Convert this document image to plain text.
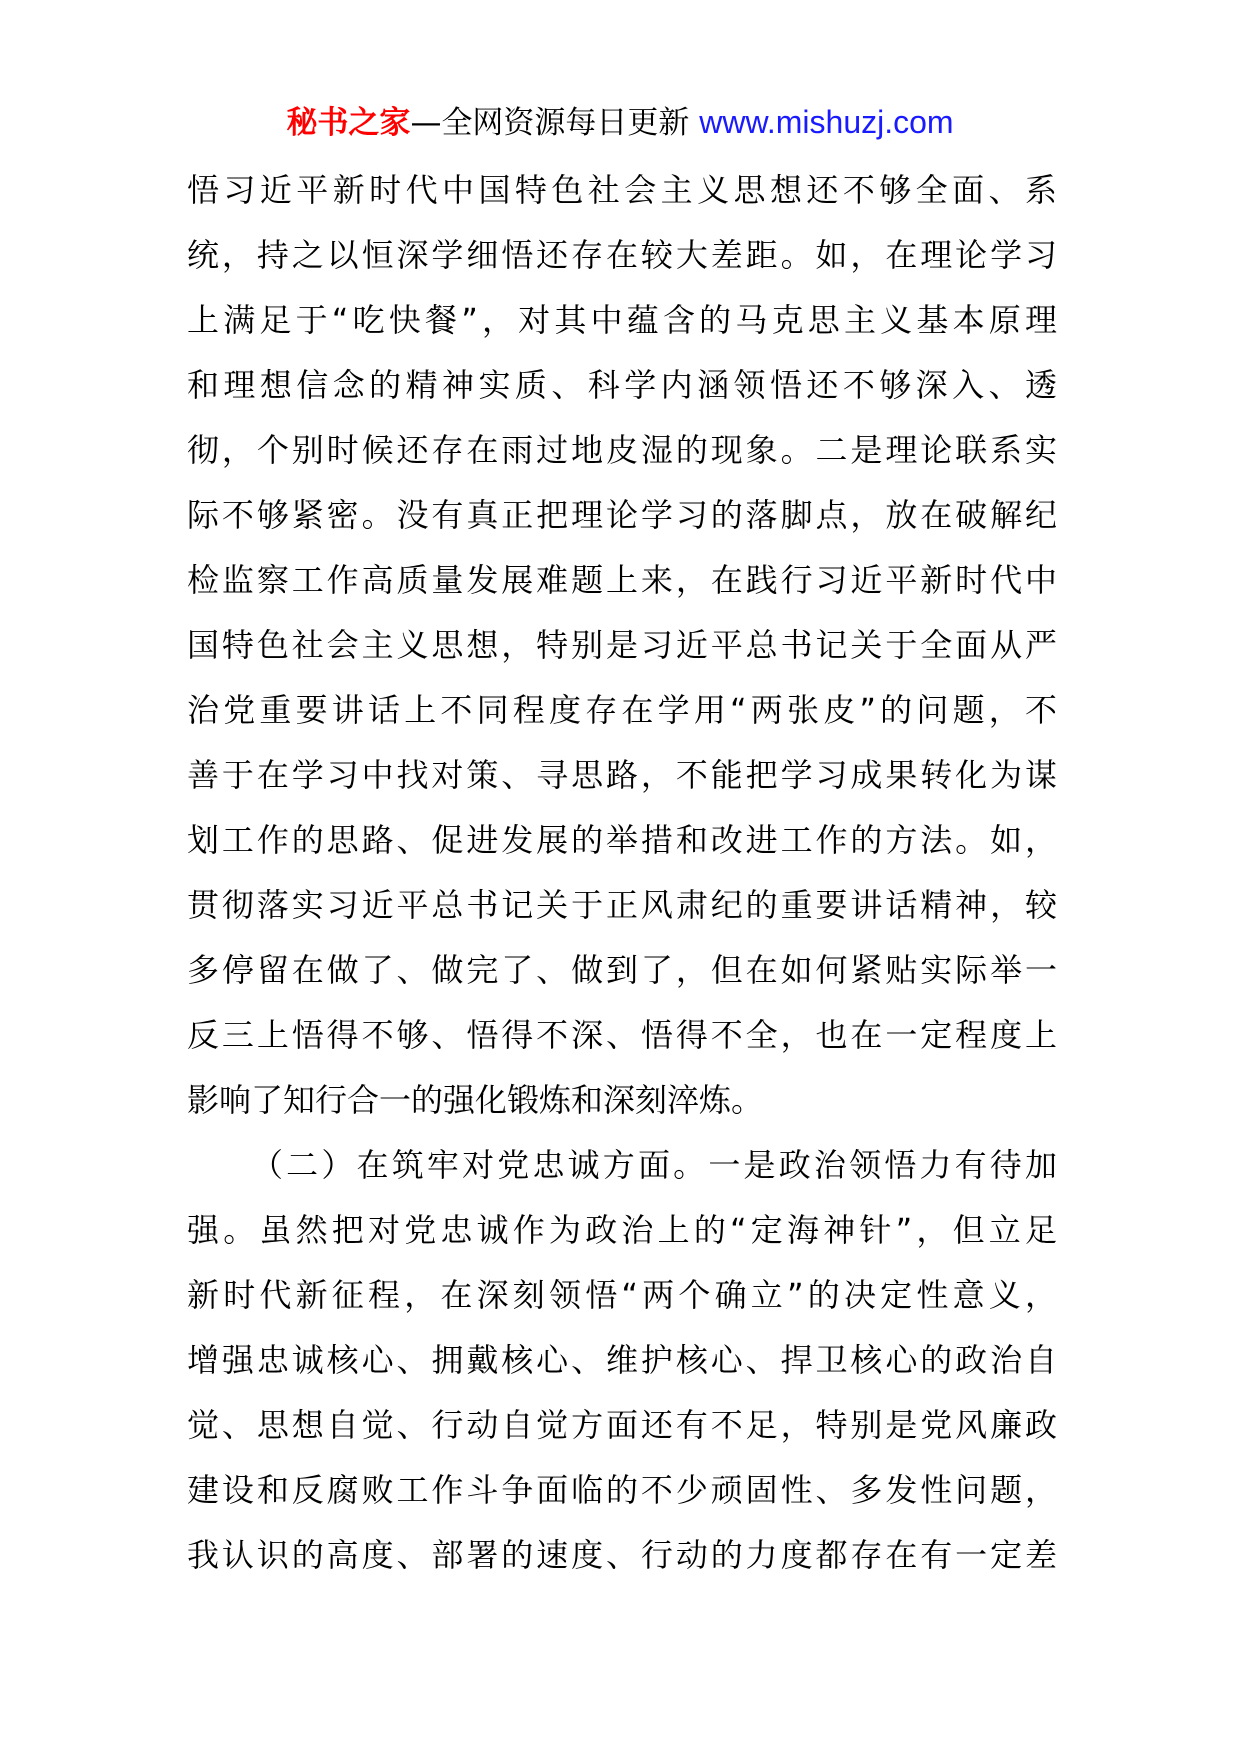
秘书之家—全网资源每日更新 www.mishuzj.com
悟习近平新时代中国特色社会主义思想还不够全面、系
统，持之以恒深学细悟还存在较大差距。如，在理论学习
上满足于“吃快餐”，对其中蕴含的马克思主义基本原理
和理想信念的精神实质、科学内涵领悟还不够深入、透
彻，个别时候还存在雨过地皮湿的现象。二是理论联系实
际不够紧密。没有真正把理论学习的落脚点，放在破解纪
检监察工作高质量发展难题上来，在践行习近平新时代中
国特色社会主义思想，特别是习近平总书记关于全面从严
治党重要讲话上不同程度存在学用“两张皮”的问题，不
善于在学习中找对策、寻思路，不能把学习成果转化为谋
划工作的思路、促进发展的举措和改进工作的方法。如，
贯彻落实习近平总书记关于正风肃纪的重要讲话精神，较
多停留在做了、做完了、做到了，但在如何紧贴实际举一
反三上悟得不够、悟得不深、悟得不全，也在一定程度上
影响了知行合一的强化锻炼和深刻淬炼。
（二）在筑牢对党忠诚方面。一是政治领悟力有待加
强。虽然把对党忠诚作为政治上的“定海神针”，但立足
新时代新征程，在深刻领悟“两个确立”的决定性意义，
增强忠诚核心、拥戴核心、维护核心、捍卫核心的政治自
觉、思想自觉、行动自觉方面还有不足，特别是党风廉政
建设和反腐败工作斗争面临的不少顽固性、多发性问题，
我认识的高度、部署的速度、行动的力度都存在有一定差
